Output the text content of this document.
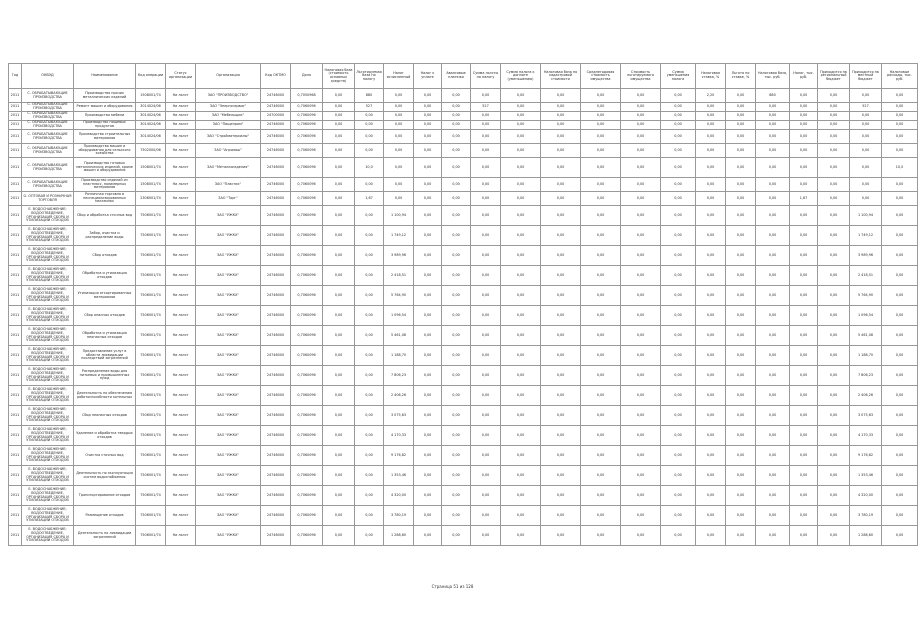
Год	ОКВЭД	Наименование	Код операции	Статус организации	Организация	Код ОКТМО	Доля	Налоговая база (стоимость основных средств)	Льготируемая база по налогу	Налог исчисленный	Налог к уплате	Авансовые платежи	Сумма льготы по налогу	Сумма налога к доплате (уменьшению)	Налоговая база по кадастровой стоимости	Среднегодовая стоимость имущества	Стоимость льготируемого имущества	Сумма уменьшения налога	Налоговая ставка, %	Льгота по ставке, %	Налоговая база, тыс. руб.	Налог, тыс. руб.	Приходится на региональный бюджет	Приходится на местный бюджет	Налоговые расходы, тыс. руб.
2011	С. ОБРАБАТЫВАЮЩИЕ ПРОИЗВОДСТВА	Производство прочих металлических изделий	1508001/74	Ни льгот	ЗАО "ПРОИЗВОДСТВО"	24746000	0,7050968	0,00	880	0,00	0,00	0,00	0,00	0,00	0,00	0,00	0,00	0,00	2,20	0,00	880	0,00	0,00	0,00	0,00
2011	С. ОБРАБАТЫВАЮЩИЕ ПРОИЗВОДСТВА	Ремонт машин и оборудования	3014024/06	Ни льгот	ЗАО "Энергосервис"	24746000	0,7060096	0,00	527	0,00	0,00	0,00	527	0,00	0,00	0,00	0,00	0,00	0,00	0,00	0,00	0,00	0,00	527	0,00
2011	С. ОБРАБАТЫВАЮЩИЕ ПРОИЗВОДСТВА	Производство мебели	3014024/06	Ни льгот	ЗАО "Мебельщик"	24700000	0,7060096	0,00	0,00	0,00	0,00	0,00	0,00	0,00	0,00	0,00	0,00	0,00	0,00	0,00	0,00	0,00	0,00	0,00	0,00
2011	С. ОБРАБАТЫВАЮЩИЕ ПРОИЗВОДСТВА	Производство пищевых продуктов	3014024/06	Ни льгот	ЗАО "Пищепром"	24746000	0,7060096	0,00	0,00	0,00	0,00	0,00	0,00	0,00	0,00	0,00	0,00	0,00	0,00	0,00	0,00	0,00	0,00	0,00	0,00
2011	С. ОБРАБАТЫВАЮЩИЕ ПРОИЗВОДСТВА	Производство строительных материалов	3014024/06	Ни льгот	ЗАО "Стройматериалы"	24746000	0,7060096	0,00	0,00	0,00	0,00	0,00	0,00	0,00	0,00	0,00	0,00	0,00	0,00	0,00	0,00	0,00	0,00	0,00	0,00
2011	С. ОБРАБАТЫВАЮЩИЕ ПРОИЗВОДСТВА	Производство машин и оборудования для сельского хозяйства	7502000/06	Ни льгот	ЗАО "Агромаш"	24746000	0,7060096	0,00	0,00	0,00	0,00	0,00	0,00	0,00	0,00	0,00	0,00	0,00	0,00	0,00	0,00	0,00	0,00	0,00	0,00
2011	С. ОБРАБАТЫВАЮЩИЕ ПРОИЗВОДСТВА	Производство готовых металлических изделий, кроме машин и оборудования	1508001/74	Ни льгот	ЗАО "Металлоизделия"	24746000	0,7060096	0,00	10,0	0,00	0,00	0,00	0,00	0,00	0,00	0,00	0,00	0,00	0,00	0,00	0,00	0,00	0,00	0,00	10,0
2011	С. ОБРАБАТЫВАЮЩИЕ ПРОИЗВОДСТВА	Производство изделий из пластмасс, полимерных материалов	1508001/74	Ни льгот	ЗАО "Пластик"	24746000	0,7060096	0,00	0,00	0,00	0,00	0,00	0,00	0,00	0,00	0,00	0,00	0,00	0,00	0,00	0,00	0,00	0,00	0,00	0,00
2011	G. ОПТОВАЯ И РОЗНИЧНАЯ ТОРГОВЛЯ	Розничная торговля в неспециализированных магазинах	2306001/74	Ни льгот	ЗАО "Торг"	24746000	0,7060096	0,00	1,67	0,00	0,00	0,00	0,00	0,00	0,00	0,00	0,00	0,00	0,00	0,00	0,00	1,67	0,00	0,00	0,00
2011	Е. ВОДОСНАБЖЕНИЕ; ВОДООТВЕДЕНИЕ, ОРГАНИЗАЦИЯ СБОРА И УТИЛИЗАЦИИ ОТХОДОВ	Сбор и обработка сточных вод	7506001/74	Ни льгот	ЗАО "УЖКХ"	24746000	0,7060096	0,00	0,00	1 100,94	0,00	0,00	0,00	0,00	0,00	0,00	0,00	0,00	0,00	0,00	0,00	0,00	0,00	1 100,94	0,00
2011	Е. ВОДОСНАБЖЕНИЕ; ВОДООТВЕДЕНИЕ, ОРГАНИЗАЦИЯ СБОРА И УТИЛИЗАЦИИ ОТХОДОВ	Забор, очистка и распределение воды	7506001/74	Ни льгот	ЗАО "УЖКХ"	24746000	0,7060096	0,00	0,00	1 749,12	0,00	0,00	0,00	0,00	0,00	0,00	0,00	0,00	0,00	0,00	0,00	0,00	0,00	1 749,12	0,00
2011	Е. ВОДОСНАБЖЕНИЕ; ВОДООТВЕДЕНИЕ, ОРГАНИЗАЦИЯ СБОРА И УТИЛИЗАЦИИ ОТХОДОВ	Сбор отходов	7506001/74	Ни льгот	ЗАО "УЖКХ"	24746000	0,7060096	0,00	0,00	3 989,96	0,00	0,00	0,00	0,00	0,00	0,00	0,00	0,00	0,00	0,00	0,00	0,00	0,00	3 989,96	0,00
2011	Е. ВОДОСНАБЖЕНИЕ; ВОДООТВЕДЕНИЕ, ОРГАНИЗАЦИЯ СБОРА И УТИЛИЗАЦИИ ОТХОДОВ	Обработка и утилизация отходов	7506001/74	Ни льгот	ЗАО "УЖКХ"	24746000	0,7060096	0,00	0,00	2 418,51	0,00	0,00	0,00	0,00	0,00	0,00	0,00	0,00	0,00	0,00	0,00	0,00	0,00	2 418,51	0,00
2011	Е. ВОДОСНАБЖЕНИЕ; ВОДООТВЕДЕНИЕ, ОРГАНИЗАЦИЯ СБОРА И УТИЛИЗАЦИИ ОТХОДОВ	Утилизация отсортированных материалов	7506001/74	Ни льгот	ЗАО "УЖКХ"	24746000	0,7060096	0,00	0,00	5 764,90	0,00	0,00	0,00	0,00	0,00	0,00	0,00	0,00	0,00	0,00	0,00	0,00	0,00	5 764,90	0,00
2011	Е. ВОДОСНАБЖЕНИЕ; ВОДООТВЕДЕНИЕ, ОРГАНИЗАЦИЯ СБОРА И УТИЛИЗАЦИИ ОТХОДОВ	Сбор опасных отходов	7506001/74	Ни льгот	ЗАО "УЖКХ"	24746000	0,7060096	0,00	0,00	1 096,54	0,00	0,00	0,00	0,00	0,00	0,00	0,00	0,00	0,00	0,00	0,00	0,00	0,00	1 096,54	0,00
2011	Е. ВОДОСНАБЖЕНИЕ; ВОДООТВЕДЕНИЕ, ОРГАНИЗАЦИЯ СБОРА И УТИЛИЗАЦИИ ОТХОДОВ	Обработка и утилизация неопасных отходов	7506001/74	Ни льгот	ЗАО "УЖКХ"	24746000	0,7060096	0,00	0,00	5 461,08	0,00	0,00	0,00	0,00	0,00	0,00	0,00	0,00	0,00	0,00	0,00	0,00	0,00	5 461,08	0,00
2011	Е. ВОДОСНАБЖЕНИЕ; ВОДООТВЕДЕНИЕ, ОРГАНИЗАЦИЯ СБОРА И УТИЛИЗАЦИИ ОТХОДОВ	Предоставление услуг в области ликвидации последствий загрязнений	7506001/74	Ни льгот	ЗАО "УЖКХ"	24746000	0,7060096	0,00	0,00	1 188,70	0,00	0,00	0,00	0,00	0,00	0,00	0,00	0,00	0,00	0,00	0,00	0,00	0,00	1 188,70	0,00
2011	Е. ВОДОСНАБЖЕНИЕ; ВОДООТВЕДЕНИЕ, ОРГАНИЗАЦИЯ СБОРА И УТИЛИЗАЦИИ ОТХОДОВ	Распределение воды для питьевых и промышленных нужд	7506001/74	Ни льгот	ЗАО "УЖКХ"	24746000	0,7060096	0,00	0,00	7 806,23	0,00	0,00	0,00	0,00	0,00	0,00	0,00	0,00	0,00	0,00	0,00	0,00	0,00	7 806,23	0,00
2011	Е. ВОДОСНАБЖЕНИЕ; ВОДООТВЕДЕНИЕ, ОРГАНИЗАЦИЯ СБОРА И УТИЛИЗАЦИИ ОТХОДОВ	Деятельность по обеспечению работоспособности котельных	7506001/74	Ни льгот	ЗАО "УЖКХ"	24746000	0,7060096	0,00	0,00	2 406,26	0,00	0,00	0,00	0,00	0,00	0,00	0,00	0,00	0,00	0,00	0,00	0,00	0,00	2 406,26	0,00
2011	Е. ВОДОСНАБЖЕНИЕ; ВОДООТВЕДЕНИЕ, ОРГАНИЗАЦИЯ СБОРА И УТИЛИЗАЦИИ ОТХОДОВ	Сбор неопасных отходов	7506001/74	Ни льгот	ЗАО "УЖКХ"	24746000	0,7060096	0,00	0,00	3 075,63	0,00	0,00	0,00	0,00	0,00	0,00	0,00	0,00	0,00	0,00	0,00	0,00	0,00	3 075,63	0,00
2011	Е. ВОДОСНАБЖЕНИЕ; ВОДООТВЕДЕНИЕ, ОРГАНИЗАЦИЯ СБОРА И УТИЛИЗАЦИИ ОТХОДОВ	Удаление и обработка твердых отходов	7506001/74	Ни льгот	ЗАО "УЖКХ"	24746000	0,7060096	0,00	0,00	4 170,33	0,00	0,00	0,00	0,00	0,00	0,00	0,00	0,00	0,00	0,00	0,00	0,00	0,00	4 170,33	0,00
2011	Е. ВОДОСНАБЖЕНИЕ; ВОДООТВЕДЕНИЕ, ОРГАНИЗАЦИЯ СБОРА И УТИЛИЗАЦИИ ОТХОДОВ	Очистка сточных вод	7506001/74	Ни льгот	ЗАО "УЖКХ"	24746000	0,7060096	0,00	0,00	9 176,82	0,00	0,00	0,00	0,00	0,00	0,00	0,00	0,00	0,00	0,00	0,00	0,00	0,00	9 176,82	0,00
2011	Е. ВОДОСНАБЖЕНИЕ; ВОДООТВЕДЕНИЕ, ОРГАНИЗАЦИЯ СБОРА И УТИЛИЗАЦИИ ОТХОДОВ	Деятельность по эксплуатации систем водоснабжения	7506001/74	Ни льгот	ЗАО "УЖКХ"	24746000	0,7060096	0,00	0,00	1 353,46	0,00	0,00	0,00	0,00	0,00	0,00	0,00	0,00	0,00	0,00	0,00	0,00	0,00	1 353,46	0,00
2011	Е. ВОДОСНАБЖЕНИЕ; ВОДООТВЕДЕНИЕ, ОРГАНИЗАЦИЯ СБОРА И УТИЛИЗАЦИИ ОТХОДОВ	Транспортирование отходов	7506001/74	Ни льгот	ЗАО "УЖКХ"	24746000	0,7060096	0,00	0,00	4 320,00	0,00	0,00	0,00	0,00	0,00	0,00	0,00	0,00	0,00	0,00	0,00	0,00	0,00	4 320,00	0,00
2011	Е. ВОДОСНАБЖЕНИЕ; ВОДООТВЕДЕНИЕ, ОРГАНИЗАЦИЯ СБОРА И УТИЛИЗАЦИИ ОТХОДОВ	Размещение отходов	7506001/74	Ни льгот	ЗАО "УЖКХ"	24746000	0,7060096	0,00	0,00	3 780,19	0,00	0,00	0,00	0,00	0,00	0,00	0,00	0,00	0,00	0,00	0,00	0,00	0,00	3 780,19	0,00
2011	Е. ВОДОСНАБЖЕНИЕ; ВОДООТВЕДЕНИЕ, ОРГАНИЗАЦИЯ СБОРА И УТИЛИЗАЦИИ ОТХОДОВ	Деятельность по ликвидации загрязнений	7506001/74	Ни льгот	ЗАО "УЖКХ"	24746000	0,7060096	0,00	0,00	1 288,60	0,00	0,00	0,00	0,00	0,00	0,00	0,00	0,00	0,00	0,00	0,00	0,00	0,00	1 288,60	0,00
Страница 51 из 128
